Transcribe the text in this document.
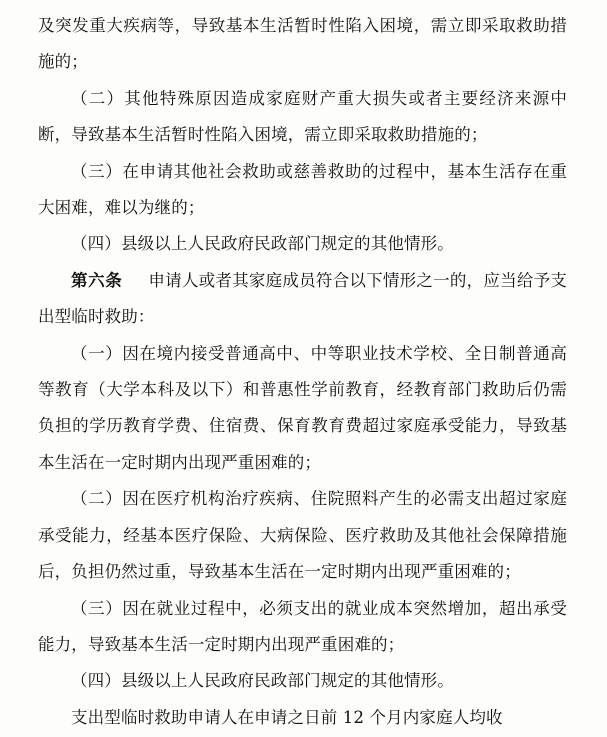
及突发重大疾病等，导致基本生活暂时性陷入困境，需立即采取救助措施的；

（二）其他特殊原因造成家庭财产重大损失或者主要经济来源中断，导致基本生活暂时性陷入困境，需立即采取救助措施的；

（三）在申请其他社会救助或慈善救助的过程中，基本生活存在重大困难，难以为继的；

（四）县级以上人民政府民政部门规定的其他情形。

第六条 申请人或者其家庭成员符合以下情形之一的，应当给予支出型临时救助：

（一）因在境内接受普通高中、中等职业技术学校、全日制普通高等教育（大学本科及以下）和普惠性学前教育，经教育部门救助后仍需负担的学历教育学费、住宿费、保育教育费超过家庭承受能力，导致基本生活在一定时期内出现严重困难的；

（二）因在医疗机构治疗疾病、住院照料产生的必需支出超过家庭承受能力，经基本医疗保险、大病保险、医疗救助及其他社会保障措施后，负担仍然过重，导致基本生活在一定时期内出现严重困难的；

（三）因在就业过程中，必须支出的就业成本突然增加，超出承受能力，导致基本生活一定时期内出现严重困难的；

（四）县级以上人民政府民政部门规定的其他情形。

支出型临时救助申请人在申请之日前 12 个月内家庭人均收
